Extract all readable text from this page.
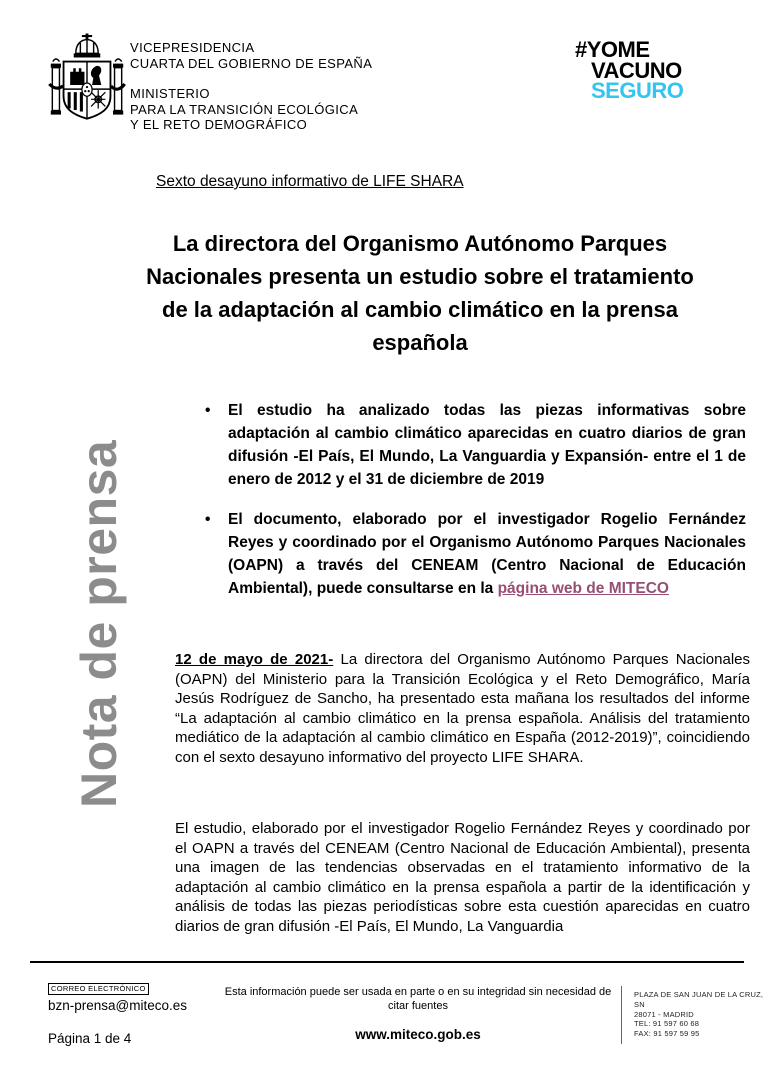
VICEPRESIDENCIA
CUARTA DEL GOBIERNO DE ESPAÑA
MINISTERIO
PARA LA TRANSICIÓN ECOLÓGICA
Y EL RETO DEMOGRÁFICO
#YOME
VACUNO
SEGURO
Nota de prensa
Sexto desayuno informativo de LIFE SHARA
La directora del Organismo Autónomo Parques
Nacionales presenta un estudio sobre el tratamiento
de la adaptación al cambio climático en la prensa
española
•	El estudio ha analizado todas las piezas informativas sobre adaptación al cambio climático aparecidas en cuatro diarios de gran difusión -El País, El Mundo, La Vanguardia y Expansión- entre el 1 de enero de 2012 y el 31 de diciembre de 2019
•	El documento, elaborado por el investigador Rogelio Fernández Reyes y coordinado por el Organismo Autónomo Parques Nacionales (OAPN) a través del CENEAM (Centro Nacional de Educación Ambiental), puede consultarse en la página web de MITECO
12 de mayo de 2021- La directora del Organismo Autónomo Parques Nacionales (OAPN) del Ministerio para la Transición Ecológica y el Reto Demográfico, María Jesús Rodríguez de Sancho, ha presentado esta mañana los resultados del informe “La adaptación al cambio climático en la prensa española. Análisis del tratamiento mediático de la adaptación al cambio climático en España (2012-2019)”, coincidiendo con el sexto desayuno informativo del proyecto LIFE SHARA.
El estudio, elaborado por el investigador Rogelio Fernández Reyes y coordinado por el OAPN a través del CENEAM (Centro Nacional de Educación Ambiental), presenta una imagen de las tendencias observadas en el tratamiento informativo de la adaptación al cambio climático en la prensa española a partir de la identificación y análisis de todas las piezas periodísticas sobre esta cuestión aparecidas en cuatro diarios de gran difusión -El País, El Mundo, La Vanguardia
CORREO ELECTRÓNICO
bzn-prensa@miteco.es
Página 1 de 4
Esta información puede ser usada en parte o en su integridad sin necesidad de citar fuentes
www.miteco.gob.es
PLAZA DE SAN JUAN DE LA CRUZ, SN
28071 - MADRID
TEL: 91 597 60 68
FAX: 91 597 59 95
